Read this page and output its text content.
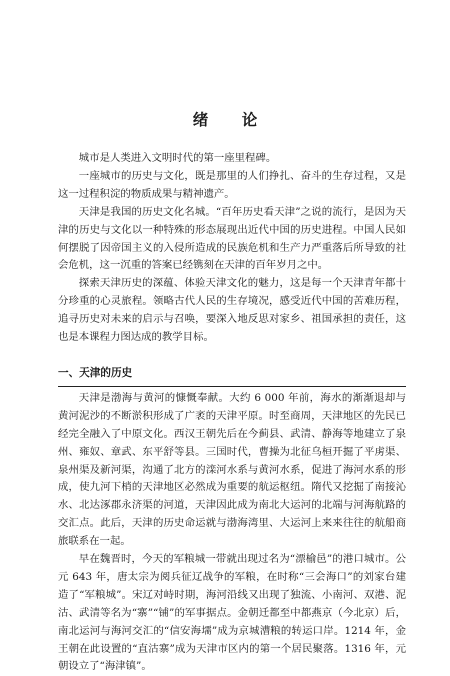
绪 论

城市是人类进入文明时代的第一座里程碑。

一座城市的历史与文化，既是那里的人们挣扎、奋斗的生存过程，又是这一过程积淀的物质成果与精神遗产。

天津是我国的历史文化名城。“百年历史看天津”之说的流行，是因为天津的历史与文化以一种特殊的形态展现出近代中国的历史进程。中国人民如何摆脱了因帝国主义的入侵所造成的民族危机和生产力严重落后所导致的社会危机，这一沉重的答案已经镌刻在天津的百年岁月之中。

探索天津历史的深蕴、体验天津文化的魅力，这是每一个天津青年都十分珍重的心灵旅程。领略古代人民的生存境况，感受近代中国的苦难历程，追寻历史对未来的启示与召唤，要深入地反思对家乡、祖国承担的责任，这也是本课程力图达成的教学目标。

一、天津的历史

天津是渤海与黄河的慷慨奉献。大约 6 000 年前，海水的渐渐退却与黄河泥沙的不断淤积形成了广袤的天津平原。时至商周，天津地区的先民已经完全融入了中原文化。西汉王朝先后在今蓟县、武清、静海等地建立了泉州、雍奴、章武、东平舒等县。三国时代，曹操为北征乌桓开掘了平虏渠、泉州渠及新河渠，沟通了北方的滦河水系与黄河水系，促进了海河水系的形成，使九河下梢的天津地区必然成为重要的航运枢纽。隋代又挖掘了南接沁水、北达涿郡永济渠的河道，天津因此成为南北大运河的北端与河海航路的交汇点。此后，天津的历史命运就与渤海湾里、大运河上来来往往的航船商旅联系在一起。

早在魏晋时，今天的军粮城一带就出现过名为“漂榆邑”的港口城市。公元 643 年，唐太宗为阅兵征辽战争的军粮，在时称“三会海口”的刘家台建造了“军粮城”。宋辽对峙时期，海河沿线又出现了独流、小南河、双港、泥沽、武清等名为“寨”“铺”的军事据点。金朝迁都至中都燕京（今北京）后，南北运河与海河交汇的“信安海壖”成为京城漕粮的转运口岸。1214 年，金王朝在此设置的“直沽寨”成为天津市区内的第一个居民聚落。1316 年，元朝设立了“海津镇”。
